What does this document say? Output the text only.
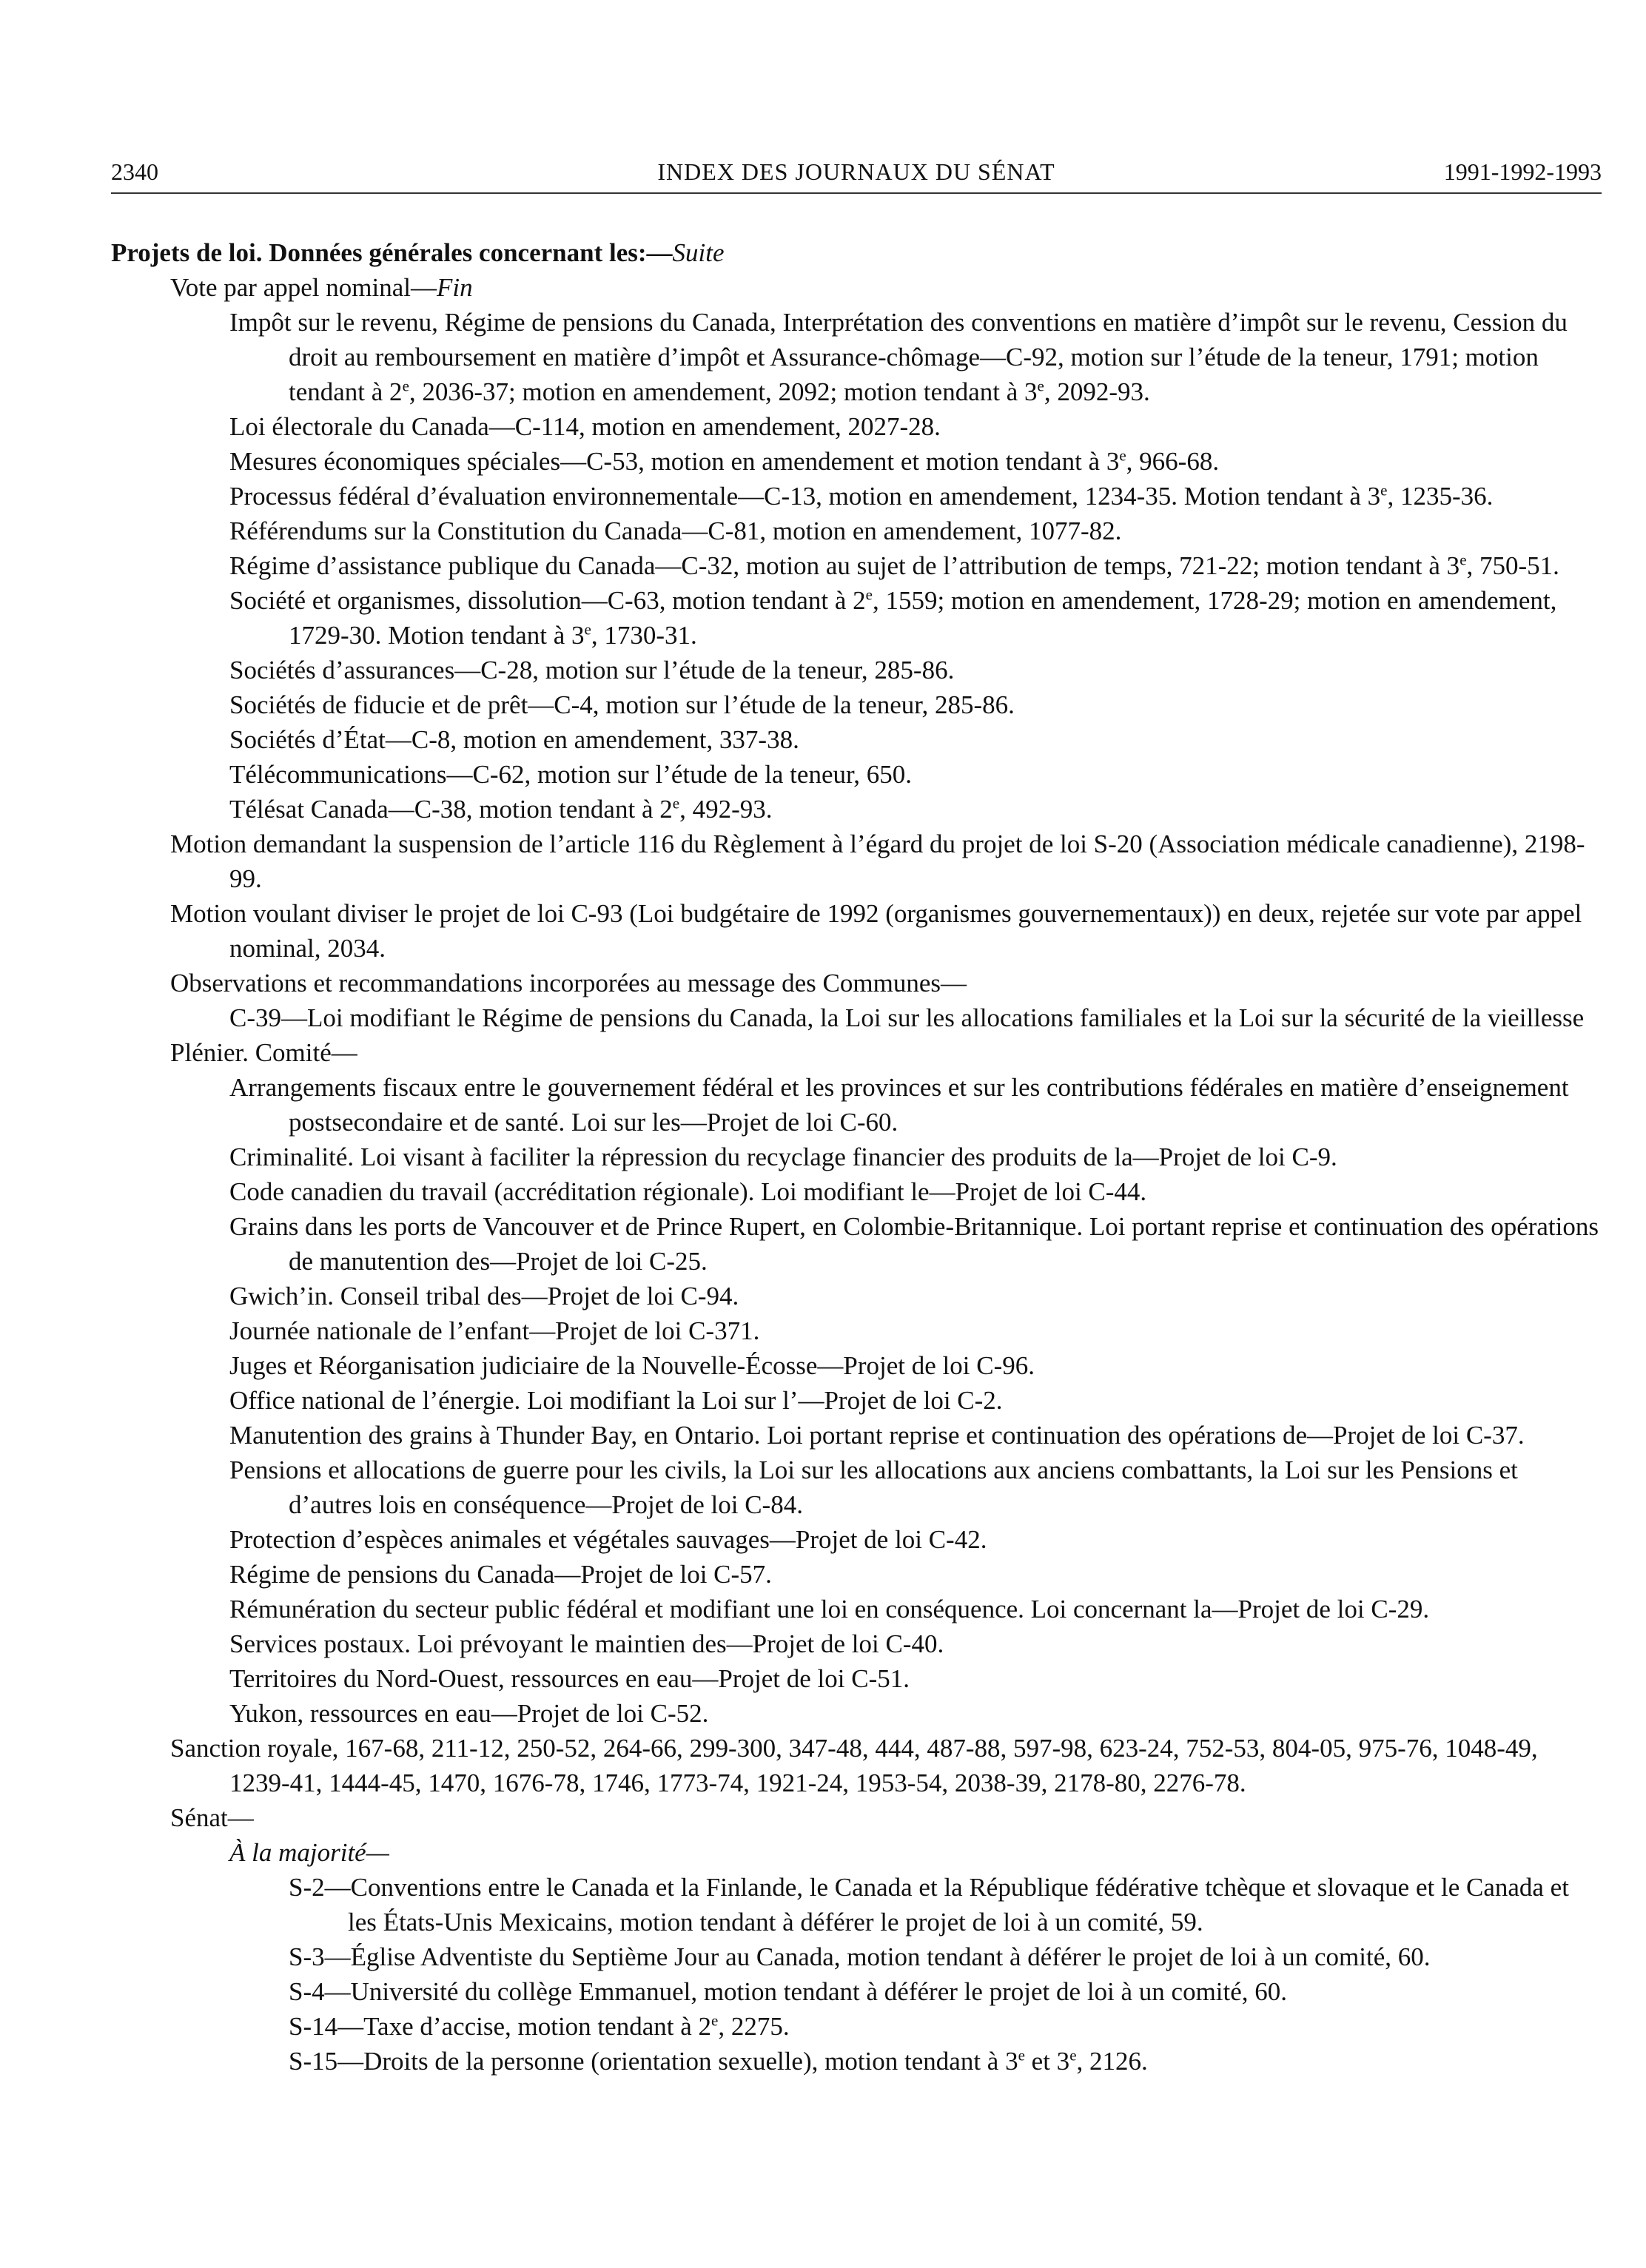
2340	INDEX DES JOURNAUX DU SÉNAT	1991-1992-1993

Projets de loi. Données générales concernant les:—Suite

Vote par appel nominal—Fin

Impôt sur le revenu, Régime de pensions du Canada, Interprétation des conventions en matière d’impôt sur le revenu, Cession du droit au remboursement en matière d’impôt et Assurance-chômage—C-92, motion sur l’étude de la teneur, 1791; motion tendant à 2e, 2036-37; motion en amendement, 2092; motion tendant à 3e, 2092-93.

Loi électorale du Canada—C-114, motion en amendement, 2027-28.

Mesures économiques spéciales—C-53, motion en amendement et motion tendant à 3e, 966-68.

Processus fédéral d’évaluation environnementale—C-13, motion en amendement, 1234-35. Motion tendant à 3e, 1235-36.

Référendums sur la Constitution du Canada—C-81, motion en amendement, 1077-82.

Régime d’assistance publique du Canada—C-32, motion au sujet de l’attribution de temps, 721-22; motion tendant à 3e, 750-51.

Société et organismes, dissolution—C-63, motion tendant à 2e, 1559; motion en amendement, 1728-29; motion en amendement, 1729-30. Motion tendant à 3e, 1730-31.

Sociétés d’assurances—C-28, motion sur l’étude de la teneur, 285-86.

Sociétés de fiducie et de prêt—C-4, motion sur l’étude de la teneur, 285-86.

Sociétés d’État—C-8, motion en amendement, 337-38.

Télécommunications—C-62, motion sur l’étude de la teneur, 650.

Télésat Canada—C-38, motion tendant à 2e, 492-93.

Motion demandant la suspension de l’article 116 du Règlement à l’égard du projet de loi S-20 (Association médicale canadienne), 2198-99.

Motion voulant diviser le projet de loi C-93 (Loi budgétaire de 1992 (organismes gouvernementaux)) en deux, rejetée sur vote par appel nominal, 2034.

Observations et recommandations incorporées au message des Communes—

C-39—Loi modifiant le Régime de pensions du Canada, la Loi sur les allocations familiales et la Loi sur la sécurité de la vieillesse

Plénier. Comité—

Arrangements fiscaux entre le gouvernement fédéral et les provinces et sur les contributions fédérales en matière d’enseignement postsecondaire et de santé. Loi sur les—Projet de loi C-60.

Criminalité. Loi visant à faciliter la répression du recyclage financier des produits de la—Projet de loi C-9.

Code canadien du travail (accréditation régionale). Loi modifiant le—Projet de loi C-44.

Grains dans les ports de Vancouver et de Prince Rupert, en Colombie-Britannique. Loi portant reprise et continuation des opérations de manutention des—Projet de loi C-25.

Gwich’in. Conseil tribal des—Projet de loi C-94.

Journée nationale de l’enfant—Projet de loi C-371.

Juges et Réorganisation judiciaire de la Nouvelle-Écosse—Projet de loi C-96.

Office national de l’énergie. Loi modifiant la Loi sur l’—Projet de loi C-2.

Manutention des grains à Thunder Bay, en Ontario. Loi portant reprise et continuation des opérations de—Projet de loi C-37.

Pensions et allocations de guerre pour les civils, la Loi sur les allocations aux anciens combattants, la Loi sur les Pensions et d’autres lois en conséquence—Projet de loi C-84.

Protection d’espèces animales et végétales sauvages—Projet de loi C-42.

Régime de pensions du Canada—Projet de loi C-57.

Rémunération du secteur public fédéral et modifiant une loi en conséquence. Loi concernant la—Projet de loi C-29.

Services postaux. Loi prévoyant le maintien des—Projet de loi C-40.

Territoires du Nord-Ouest, ressources en eau—Projet de loi C-51.

Yukon, ressources en eau—Projet de loi C-52.

Sanction royale, 167-68, 211-12, 250-52, 264-66, 299-300, 347-48, 444, 487-88, 597-98, 623-24, 752-53, 804-05, 975-76, 1048-49, 1239-41, 1444-45, 1470, 1676-78, 1746, 1773-74, 1921-24, 1953-54, 2038-39, 2178-80, 2276-78.

Sénat—

À la majorité—

S-2—Conventions entre le Canada et la Finlande, le Canada et la République fédérative tchèque et slovaque et le Canada et les États-Unis Mexicains, motion tendant à déférer le projet de loi à un comité, 59.

S-3—Église Adventiste du Septième Jour au Canada, motion tendant à déférer le projet de loi à un comité, 60.

S-4—Université du collège Emmanuel, motion tendant à déférer le projet de loi à un comité, 60.

S-14—Taxe d’accise, motion tendant à 2e, 2275.

S-15—Droits de la personne (orientation sexuelle), motion tendant à 3e et 3e, 2126.
